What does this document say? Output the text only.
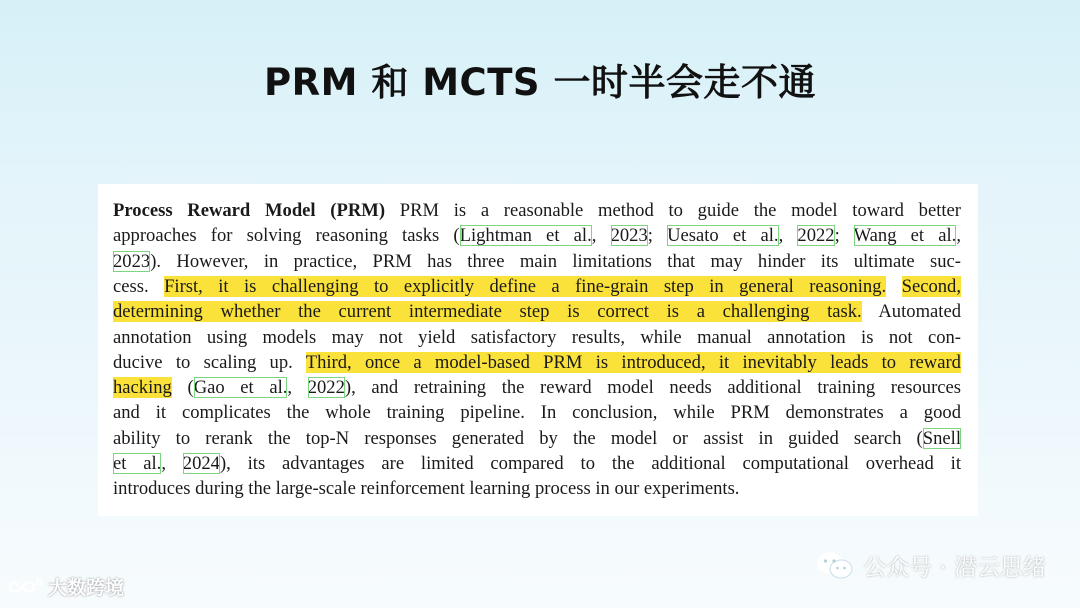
PRM 和 MCTS 一时半会走不通
Process Reward Model (PRM) PRM is a reasonable method to guide the model toward better
approaches for solving reasoning tasks (Lightman et al., 2023; Uesato et al., 2022; Wang et al.,
2023). However, in practice, PRM has three main limitations that may hinder its ultimate suc-
cess. First, it is challenging to explicitly define a fine-grain step in general reasoning. Second,
determining whether the current intermediate step is correct is a challenging task. Automated
annotation using models may not yield satisfactory results, while manual annotation is not con-
ducive to scaling up. Third, once a model-based PRM is introduced, it inevitably leads to reward
hacking (Gao et al., 2022), and retraining the reward model needs additional training resources
and it complicates the whole training pipeline. In conclusion, while PRM demonstrates a good
ability to rerank the top-N responses generated by the model or assist in guided search (Snell
et al., 2024), its advantages are limited compared to the additional computational overhead it
introduces during the large-scale reinforcement learning process in our experiments.
大数跨境
公众号 · 潜云思绪
